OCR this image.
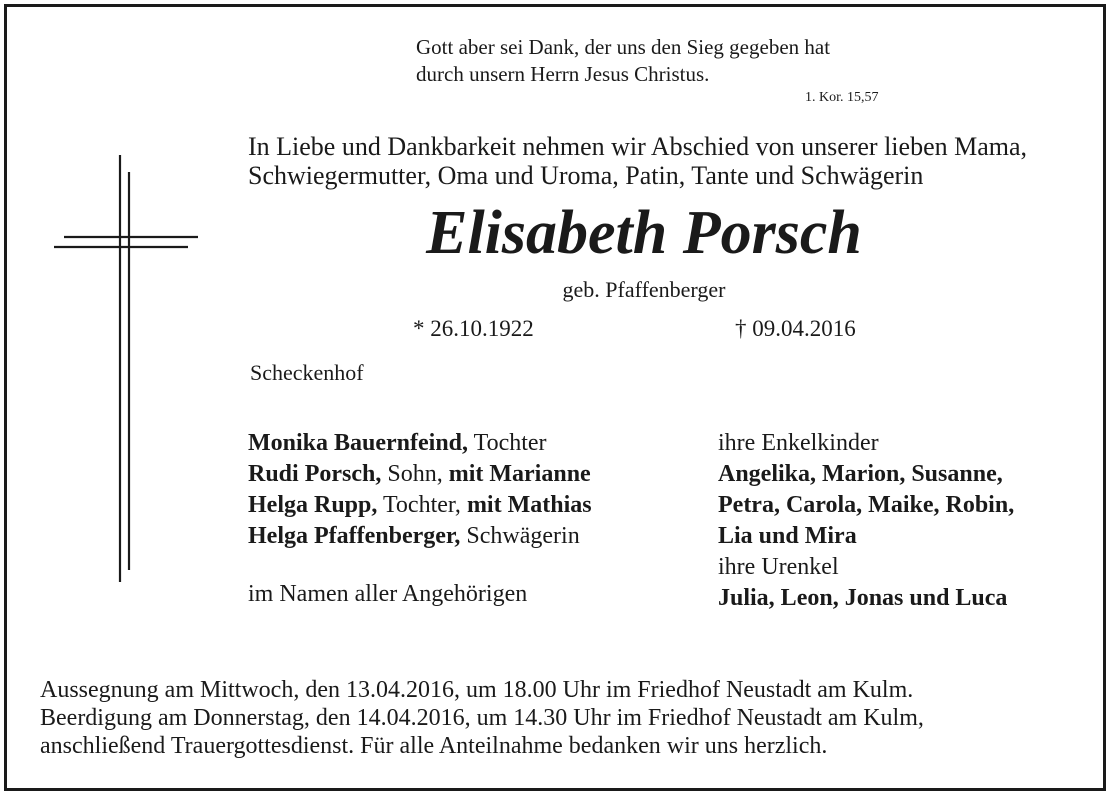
Gott aber sei Dank, der uns den Sieg gegeben hat
durch unsern Herrn Jesus Christus.
1. Kor. 15,57
In Liebe und Dankbarkeit nehmen wir Abschied von unserer lieben Mama,
Schwiegermutter, Oma und Uroma, Patin, Tante und Schwägerin
Elisabeth Porsch
geb. Pfaffenberger
* 26.10.1922	† 09.04.2016
Scheckenhof
Monika Bauernfeind, Tochter
Rudi Porsch, Sohn, mit Marianne
Helga Rupp, Tochter, mit Mathias
Helga Pfaffenberger, Schwägerin
im Namen aller Angehörigen
ihre Enkelkinder
Angelika, Marion, Susanne,
Petra, Carola, Maike, Robin,
Lia und Mira
ihre Urenkel
Julia, Leon, Jonas und Luca
Aussegnung am Mittwoch, den 13.04.2016, um 18.00 Uhr im Friedhof Neustadt am Kulm.
Beerdigung am Donnerstag, den 14.04.2016, um 14.30 Uhr im Friedhof Neustadt am Kulm,
anschließend Trauergottesdienst. Für alle Anteilnahme bedanken wir uns herzlich.
